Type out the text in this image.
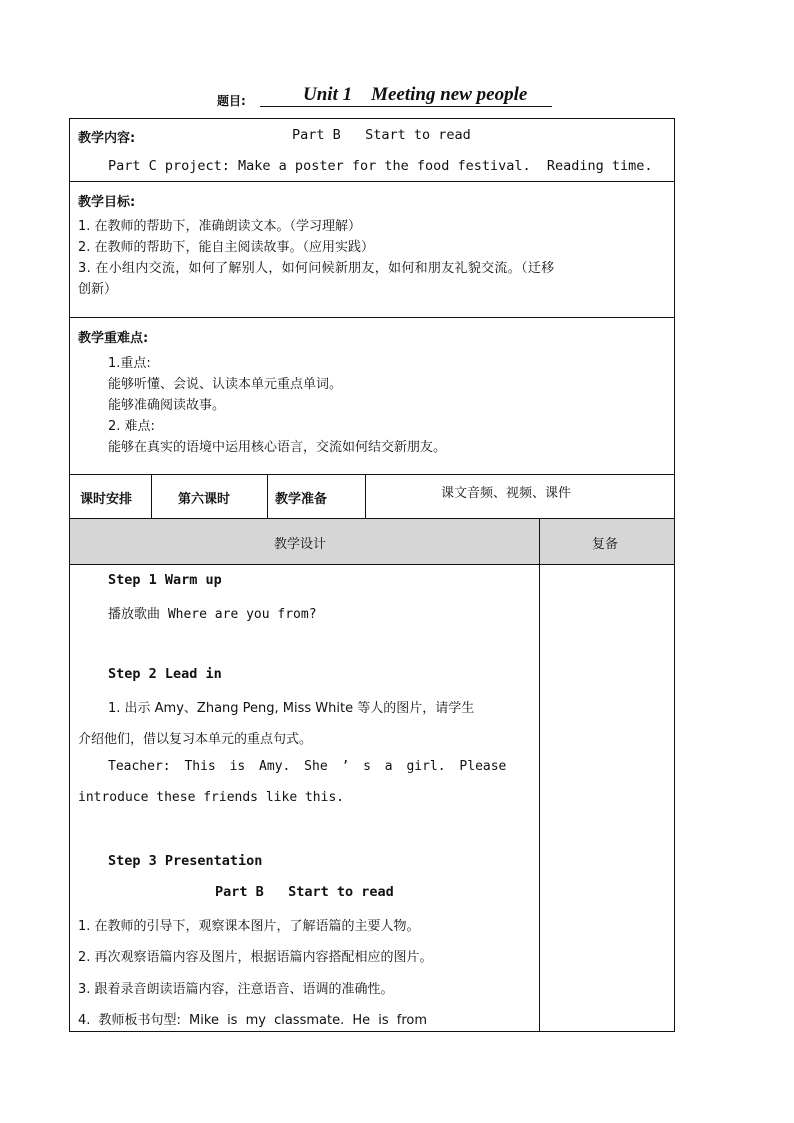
题目:	Unit 1    Meeting new people
教学内容:	Part B   Start to read
Part C project: Make a poster for the food festival.  Reading time.
教学目标:
1. 在教师的帮助下，准确朗读文本。（学习理解）
2. 在教师的帮助下，能自主阅读故事。（应用实践）
3. 在小组内交流，如何了解别人，如何问候新朋友，如何和朋友礼貌交流。（迁移
创新）
教学重难点:
1.重点:
能够听懂、会说、认读本单元重点单词。
能够准确阅读故事。
2. 难点:
能够在真实的语境中运用核心语言，交流如何结交新朋友。
课时安排	第六课时	教学准备	课文音频、视频、课件
教学设计	复备
Step 1 Warm up
播放歌曲 Where are you from?
Step 2 Lead in
1. 出示 Amy、Zhang Peng, Miss White 等人的图片，请学生
介绍他们，借以复习本单元的重点句式。
Teacher: This is Amy. She ’ s a girl. Please
introduce these friends like this.
Step 3 Presentation
Part B   Start to read
1. 在教师的引导下，观察课本图片，了解语篇的主要人物。
2. 再次观察语篇内容及图片，根据语篇内容搭配相应的图片。
3. 跟着录音朗读语篇内容，注意语音、语调的准确性。
4. 教师板书句型: Mike is my classmate. He is from
